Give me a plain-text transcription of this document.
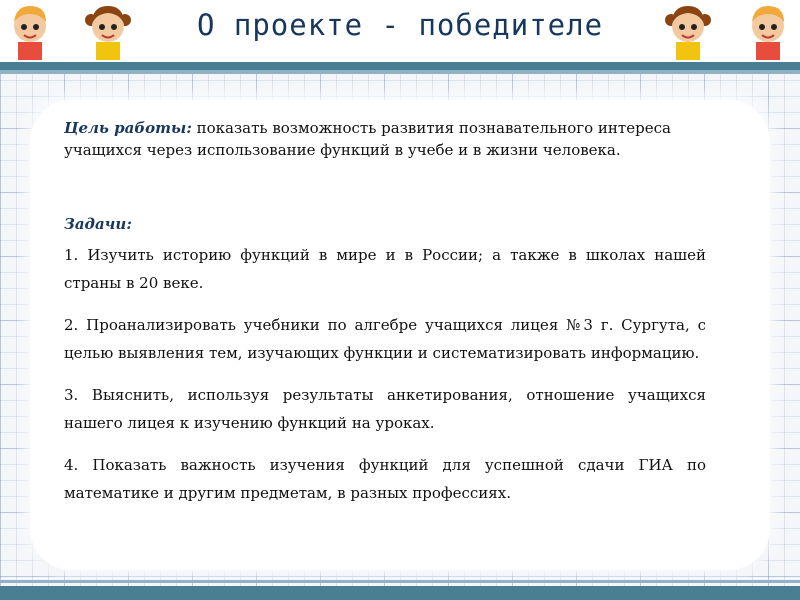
О проекте - победителе

Цель работы: показать возможность развития познавательного интереса учащихся через использование функций в учебе и в жизни человека.

Задачи:

1. Изучить историю функций в мире и в России; а также в школах нашей страны в 20 веке.

2. Проанализировать учебники по алгебре учащихся лицея №3 г. Сургута, с целью выявления тем, изучающих функции и систематизировать информацию.

3. Выяснить, используя результаты анкетирования, отношение учащихся нашего лицея к изучению функций на уроках.

4. Показать важность изучения функций для успешной сдачи ГИА по математике и другим предметам, в разных профессиях.
